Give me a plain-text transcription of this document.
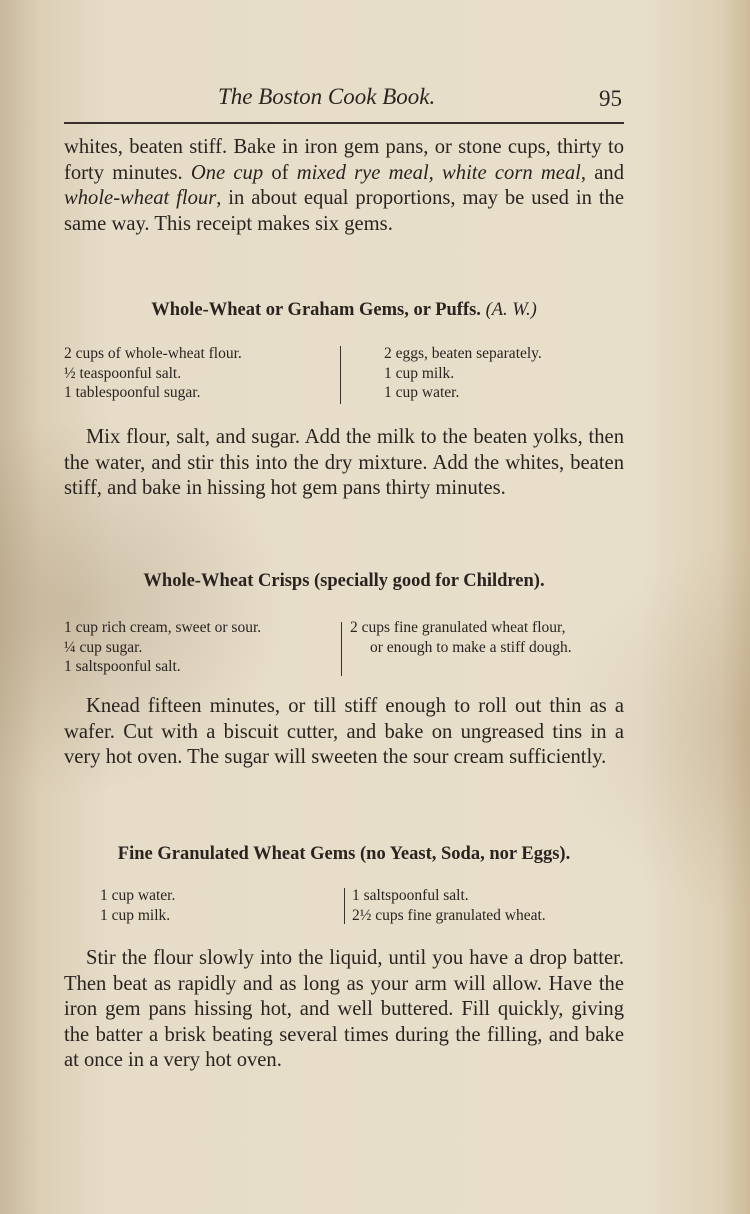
The Boston Cook Book.	95

whites, beaten stiff. Bake in iron gem pans, or stone cups, thirty to forty minutes. One cup of mixed rye meal, white corn meal, and whole-wheat flour, in about equal proportions, may be used in the same way. This receipt makes six gems.

Whole-Wheat or Graham Gems, or Puffs. (A. W.)
2 cups of whole-wheat flour.
½ teaspoonful salt.
1 tablespoonful sugar.
2 eggs, beaten separately.
1 cup milk.
1 cup water.

Mix flour, salt, and sugar. Add the milk to the beaten yolks, then the water, and stir this into the dry mixture. Add the whites, beaten stiff, and bake in hissing hot gem pans thirty minutes.

Whole-Wheat Crisps (specially good for Children).
1 cup rich cream, sweet or sour.
¼ cup sugar.
1 saltspoonful salt.
2 cups fine granulated wheat flour,
or enough to make a stiff dough.

Knead fifteen minutes, or till stiff enough to roll out thin as a wafer. Cut with a biscuit cutter, and bake on ungreased tins in a very hot oven. The sugar will sweeten the sour cream sufficiently.

Fine Granulated Wheat Gems (no Yeast, Soda, nor Eggs).
1 cup water.
1 cup milk.
1 saltspoonful salt.
2½ cups fine granulated wheat.

Stir the flour slowly into the liquid, until you have a drop batter. Then beat as rapidly and as long as your arm will allow. Have the iron gem pans hissing hot, and well buttered. Fill quickly, giving the batter a brisk beating several times during the filling, and bake at once in a very hot oven.
